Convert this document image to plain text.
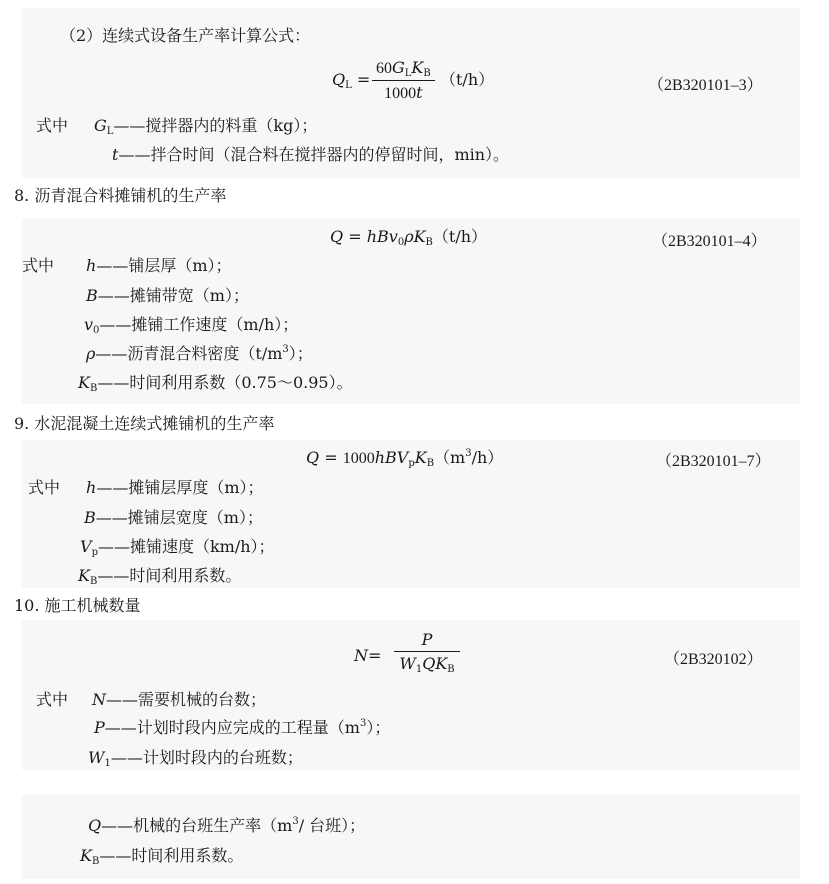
（2）连续式设备生产率计算公式：
$Q_L$ =
$60G_LK_B$
1000t
（t/h）	（2B320101–3）
式中 $G_L——$搅拌器内的料重（kg）；
t——拌合时间（混合料在搅拌器内的停留时间，min）。
8. 沥青混合料摊铺机的生产率
$Q = hBv_0\rho K_B(t/h)$	（2B320101–4）
式中 h——铺层厚（m）；
B——摊铺带宽（m）；
$v_0——$摊铺工作速度（m/h）；
ρ——沥青混合料密度$(t/m^3)$；
$K_B——$时间利用系数（0.75～0.95）。
9. 水泥混凝土连续式摊铺机的生产率
$Q = 1000hBV_pK_B(m^3/h)$	（2B320101–7）
式中 h——摊铺层厚度（m）；
B——摊铺层宽度（m）；
$V_p——$摊铺速度（km/h）；
$K_B——$时间利用系数。
10. 施工机械数量
N=
P
$W_1QK_B$
（2B320102）
式中 N——需要机械的台数；
P——计划时段内应完成的工程量$(m^3)$；
$W_1——$计划时段内的台班数；
Q——机械的台班生产率（$m^3/$ 台班）；
$K_B——$时间利用系数。
